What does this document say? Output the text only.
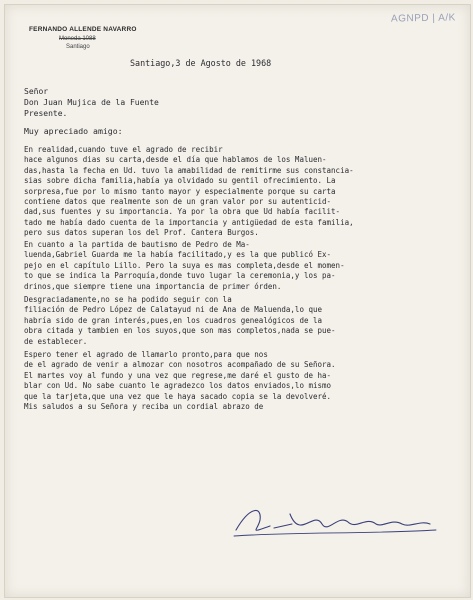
AGNPD | A/K
FERNANDO ALLENDE NAVARRO
Moneda 1088
Santiago
Santiago,3 de Agosto de 1968
Señor
Don Juan Mujica de la Fuente
Presente.
Muy apreciado amigo:
En realidad,cuando tuve el agrado de recibir
hace algunos dias su carta,desde el día que hablamos de los Maluen-
das,hasta la fecha en Ud. tuvo la amabilidad de remitirme sus constancia-
sias sobre dicha familia,había ya olvidado su gentil ofrecimiento. La
sorpresa,fue por lo mismo tanto mayor y especialmente porque su carta
contiene datos que realmente son de un gran valor por su autenticid-
dad,sus fuentes y su importancia. Ya por la obra que Ud había facilit-
tado me había dado cuenta de la importancia y antigüedad de esta familia,
pero sus datos superan los del Prof. Cantera Burgos.
En cuanto a la partida de bautismo de Pedro de Ma-
luenda,Gabriel Guarda me la había facilitado,y es la que publicó Ex-
pejo en el capítulo Lillo. Pero la suya es mas completa,desde el momen-
to que se indica la Parroquía,donde tuvo lugar la ceremonia,y los pa-
drinos,que siempre tiene una importancia de primer órden.
Desgraciadamente,no se ha podido seguir con la
filiación de Pedro López de Calatayud ni de Ana de Maluenda,lo que
habría sido de gran interés,pues,en los cuadros genealógicos de la
obra citada y tambien en los suyos,que son mas completos,nada se pue-
de establecer.
Espero tener el agrado de llamarlo pronto,para que nos
de el agrado de venir a almozar con nosotros acompañado de su Señora.
El martes voy al fundo y una vez que regrese,me daré el gusto de ha-
blar con Ud. No sabe cuanto le agradezco los datos enviados,lo mismo
que la tarjeta,que una vez que le haya sacado copia se la devolveré.
Mis saludos a su Señora y reciba un cordial abrazo de
